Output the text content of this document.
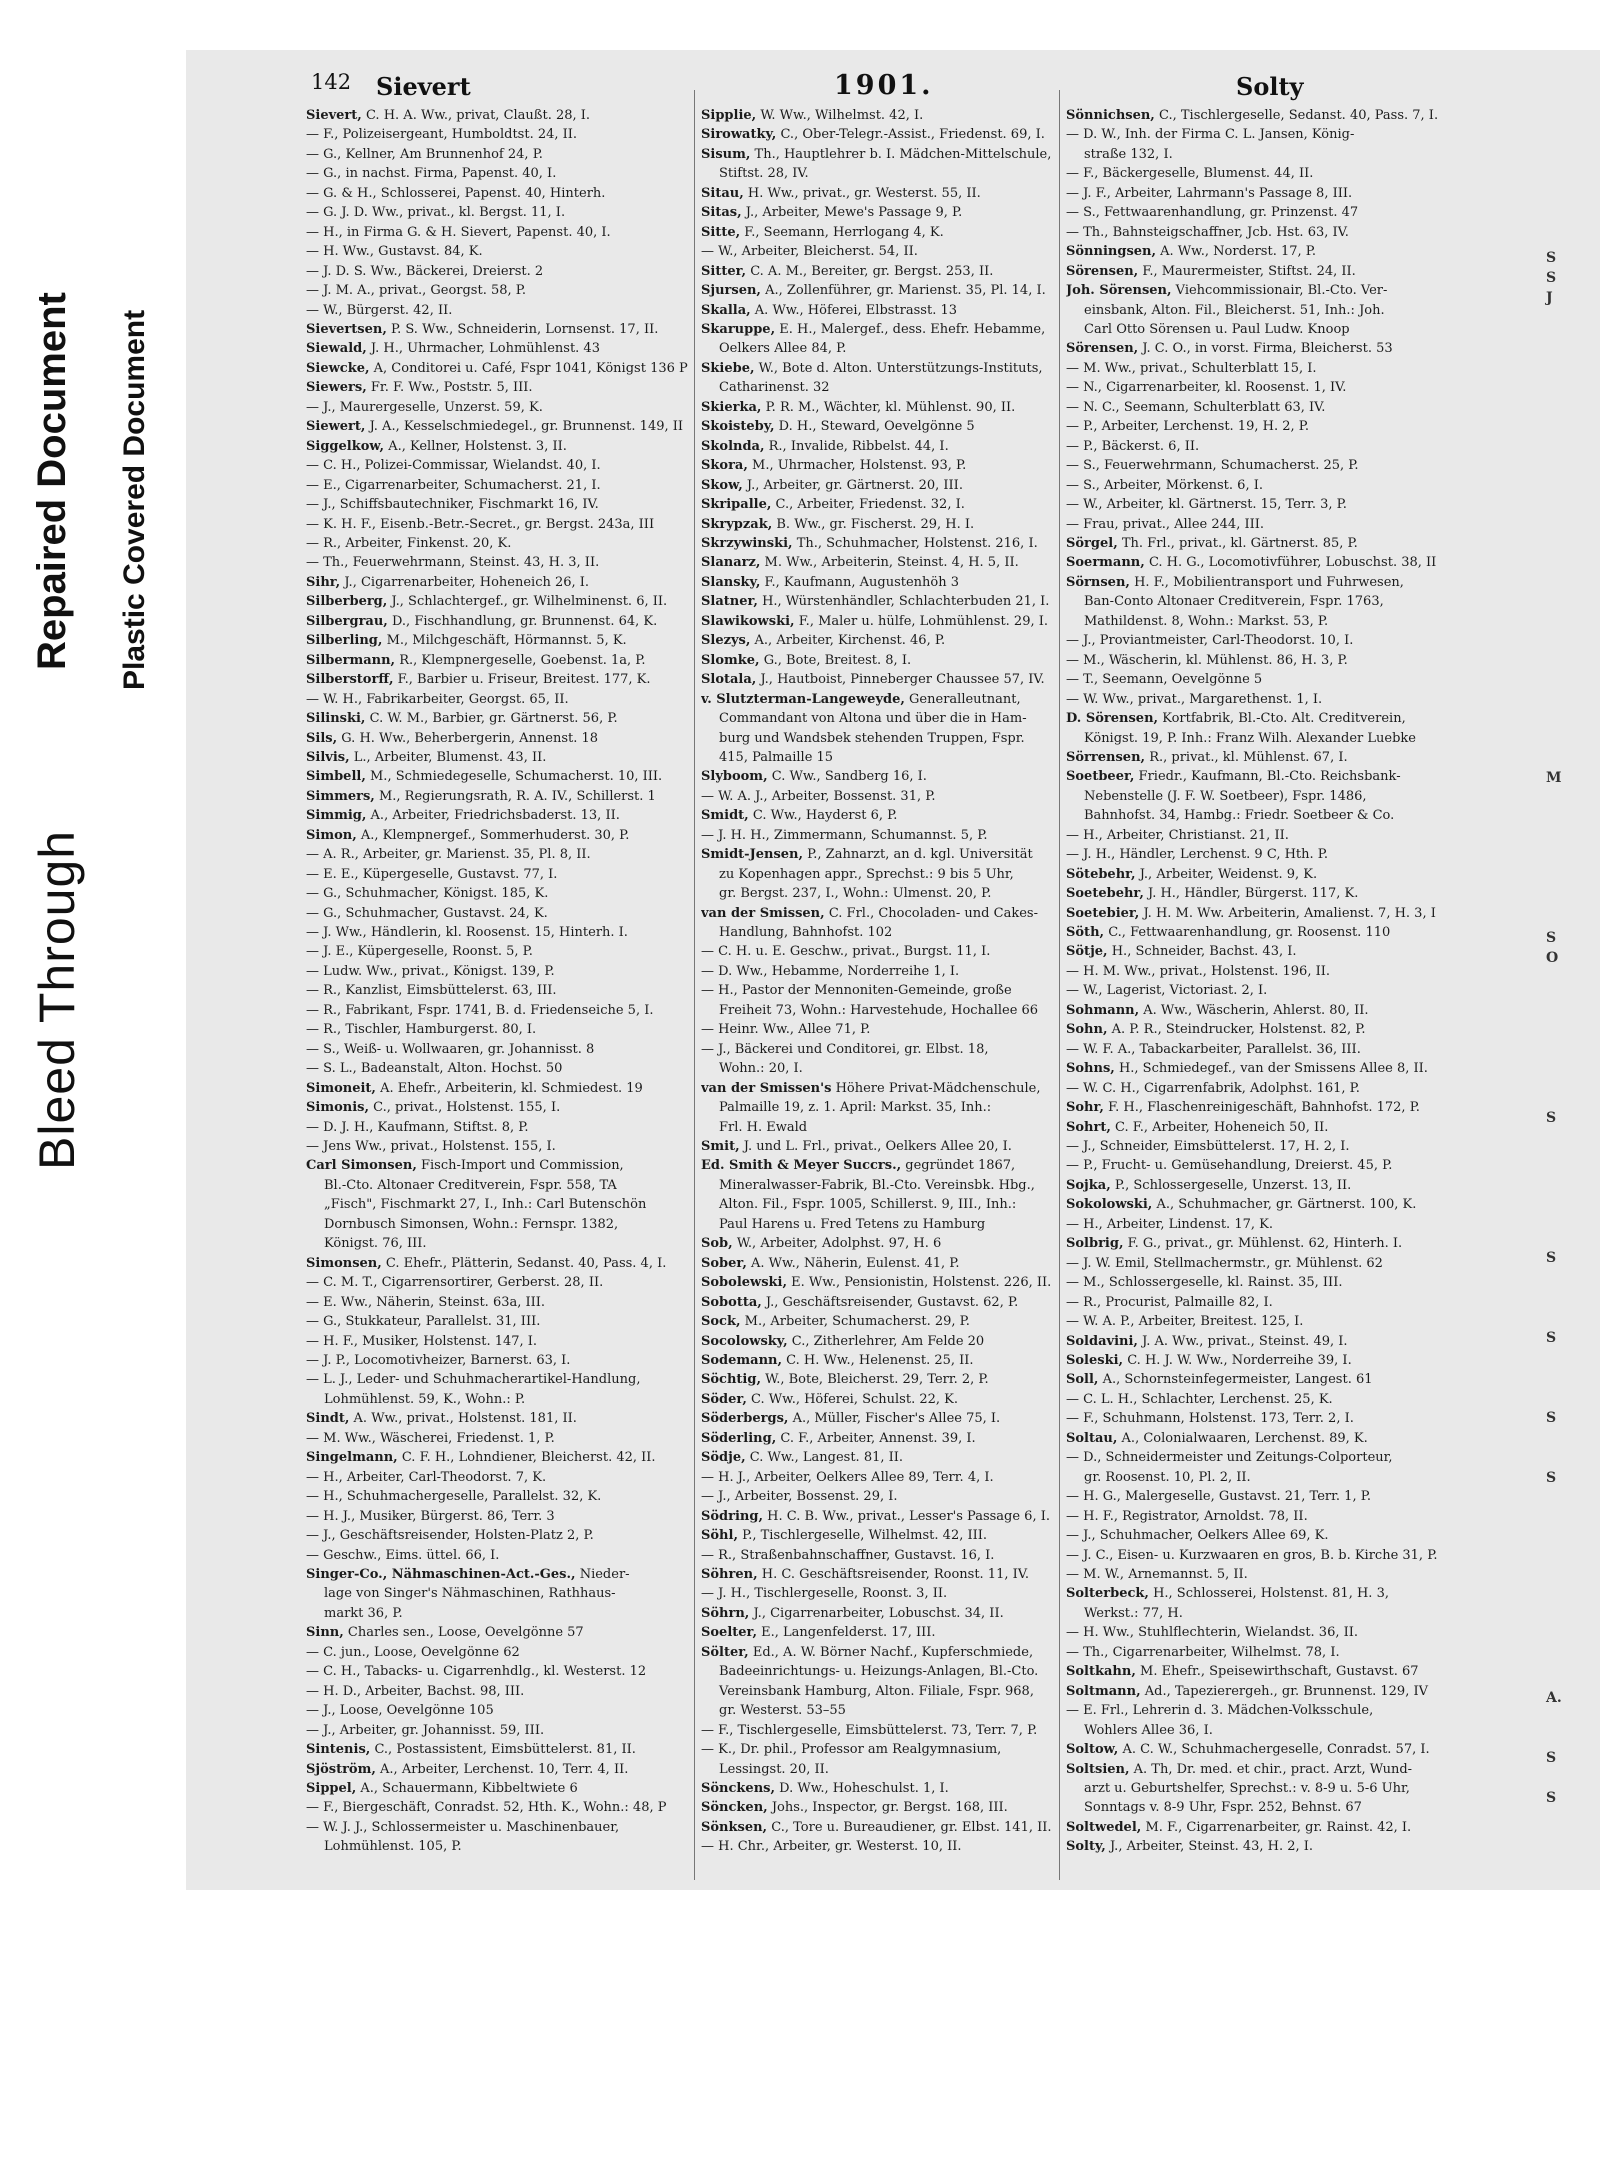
Bleed Through
Repaired Document Plastic Covered Document
142 Sievert	1901.	Solty
Sievert, C. H. A. Ww., privat, Claußt. 28, I.
— F., Polizeisergeant, Humboldtst. 24, II.
— G., Kellner, Am Brunnenhof 24, P.
— G., in nachst. Firma, Papenst. 40, I.
— G. & H., Schlosserei, Papenst. 40, Hinterh.
— G. J. D. Ww., privat., kl. Bergst. 11, I.
— H., in Firma G. & H. Sievert, Papenst. 40, I.
— H. Ww., Gustavst. 84, K.
— J. D. S. Ww., Bäckerei, Dreierst. 2
— J. M. A., privat., Georgst. 58, P.
— W., Bürgerst. 42, II.
Sievertsen, P. S. Ww., Schneiderin, Lornsenst. 17, II.
Siewald, J. H., Uhrmacher, Lohmühlenst. 43
Siewcke, A, Conditorei u. Café, Fspr 1041, Königst 136 P
Siewers, Fr. F. Ww., Poststr. 5, III.
— J., Maurergeselle, Unzerst. 59, K.
Siewert, J. A., Kesselschmiedegel., gr. Brunnenst. 149, II
Siggelkow, A., Kellner, Holstenst. 3, II.
— C. H., Polizei-Commissar, Wielandst. 40, I.
— E., Cigarrenarbeiter, Schumacherst. 21, I.
— J., Schiffsbautechniker, Fischmarkt 16, IV.
— K. H. F., Eisenb.-Betr.-Secret., gr. Bergst. 243a, III
— R., Arbeiter, Finkenst. 20, K.
— Th., Feuerwehrmann, Steinst. 43, H. 3, II.
Sihr, J., Cigarrenarbeiter, Hoheneich 26, I.
Silberberg, J., Schlachtergef., gr. Wilhelminenst. 6, II.
Silbergrau, D., Fischhandlung, gr. Brunnenst. 64, K.
Silberling, M., Milchgeschäft, Hörmannst. 5, K.
Silbermann, R., Klempnergeselle, Goebenst. 1a, P.
Silberstorff, F., Barbier u. Friseur, Breitest. 177, K.
— W. H., Fabrikarbeiter, Georgst. 65, II.
Silinski, C. W. M., Barbier, gr. Gärtnerst. 56, P.
Sils, G. H. Ww., Beherbergerin, Annenst. 18
Silvis, L., Arbeiter, Blumenst. 43, II.
Simbell, M., Schmiedegeselle, Schumacherst. 10, III.
Simmers, M., Regierungsrath, R. A. IV., Schillerst. 1
Simmig, A., Arbeiter, Friedrichsbaderst. 13, II.
Simon, A., Klempnergef., Sommerhuderst. 30, P.
— A. R., Arbeiter, gr. Marienst. 35, Pl. 8, II.
— E. E., Küpergeselle, Gustavst. 77, I.
— G., Schuhmacher, Königst. 185, K.
— G., Schuhmacher, Gustavst. 24, K.
— J. Ww., Händlerin, kl. Roosenst. 15, Hinterh. I.
— J. E., Küpergeselle, Roonst. 5, P.
— Ludw. Ww., privat., Königst. 139, P.
— R., Kanzlist, Eimsbüttelerst. 63, III.
— R., Fabrikant, Fspr. 1741, B. d. Friedenseiche 5, I.
— R., Tischler, Hamburgerst. 80, I.
— S., Weiß- u. Wollwaaren, gr. Johannisst. 8
— S. L., Badeanstalt, Alton. Hochst. 50
Simoneit, A. Ehefr., Arbeiterin, kl. Schmiedest. 19
Simonis, C., privat., Holstenst. 155, I.
— D. J. H., Kaufmann, Stiftst. 8, P.
— Jens Ww., privat., Holstenst. 155, I.
Carl Simonsen, Fisch-Import und Commission,
Bl.-Cto. Altonaer Creditverein, Fspr. 558, TA
„Fisch", Fischmarkt 27, I., Inh.: Carl Butenschön
Dornbusch Simonsen, Wohn.: Fernspr. 1382,
Königst. 76, III.
Simonsen, C. Ehefr., Plätterin, Sedanst. 40, Pass. 4, I.
— C. M. T., Cigarrensortirer, Gerberst. 28, II.
— E. Ww., Näherin, Steinst. 63a, III.
— G., Stukkateur, Parallelst. 31, III.
— H. F., Musiker, Holstenst. 147, I.
— J. P., Locomotivheizer, Barnerst. 63, I.
— L. J., Leder- und Schuhmacherartikel-Handlung,
Lohmühlenst. 59, K., Wohn.: P.
Sindt, A. Ww., privat., Holstenst. 181, II.
— M. Ww., Wäscherei, Friedenst. 1, P.
Singelmann, C. F. H., Lohndiener, Bleicherst. 42, II.
— H., Arbeiter, Carl-Theodorst. 7, K.
— H., Schuhmachergeselle, Parallelst. 32, K.
— H. J., Musiker, Bürgerst. 86, Terr. 3
— J., Geschäftsreisender, Holsten-Platz 2, P.
— Geschw., Eims. üttel. 66, I.
Singer-Co., Nähmaschinen-Act.-Ges., Nieder-
lage von Singer's Nähmaschinen, Rathhaus-
markt 36, P.
Sinn, Charles sen., Loose, Oevelgönne 57
— C. jun., Loose, Oevelgönne 62
— C. H., Tabacks- u. Cigarrenhdlg., kl. Westerst. 12
— H. D., Arbeiter, Bachst. 98, III.
— J., Loose, Oevelgönne 105
— J., Arbeiter, gr. Johannisst. 59, III.
Sintenis, C., Postassistent, Eimsbüttelerst. 81, II.
Sjöström, A., Arbeiter, Lerchenst. 10, Terr. 4, II.
Sippel, A., Schauermann, Kibbeltwiete 6
— F., Biergeschäft, Conradst. 52, Hth. K., Wohn.: 48, P
— W. J. J., Schlossermeister u. Maschinenbauer,
Lohmühlenst. 105, P.
Sipplie, W. Ww., Wilhelmst. 42, I.
Sirowatky, C., Ober-Telegr.-Assist., Friedenst. 69, I.
Sisum, Th., Hauptlehrer b. I. Mädchen-Mittelschule,
Stiftst. 28, IV.
Sitau, H. Ww., privat., gr. Westerst. 55, II.
Sitas, J., Arbeiter, Mewe's Passage 9, P.
Sitte, F., Seemann, Herrlogang 4, K.
— W., Arbeiter, Bleicherst. 54, II.
Sitter, C. A. M., Bereiter, gr. Bergst. 253, II.
Sjursen, A., Zollenführer, gr. Marienst. 35, Pl. 14, I.
Skalla, A. Ww., Höferei, Elbstrasst. 13
Skaruppe, E. H., Malergef., dess. Ehefr. Hebamme,
Oelkers Allee 84, P.
Skiebe, W., Bote d. Alton. Unterstützungs-Instituts,
Catharinenst. 32
Skierka, P. R. M., Wächter, kl. Mühlenst. 90, II.
Skoisteby, D. H., Steward, Oevelgönne 5
Skolnda, R., Invalide, Ribbelst. 44, I.
Skora, M., Uhrmacher, Holstenst. 93, P.
Skow, J., Arbeiter, gr. Gärtnerst. 20, III.
Skripalle, C., Arbeiter, Friedenst. 32, I.
Skrypzak, B. Ww., gr. Fischerst. 29, H. I.
Skrzywinski, Th., Schuhmacher, Holstenst. 216, I.
Slanarz, M. Ww., Arbeiterin, Steinst. 4, H. 5, II.
Slansky, F., Kaufmann, Augustenhöh 3
Slatner, H., Würstenhändler, Schlachterbuden 21, I.
Slawikowski, F., Maler u. hülfe, Lohmühlenst. 29, I.
Slezys, A., Arbeiter, Kirchenst. 46, P.
Slomke, G., Bote, Breitest. 8, I.
Slotala, J., Hautboist, Pinneberger Chaussee 57, IV.
v. Slutzterman-Langeweyde, Generalleutnant,
Commandant von Altona und über die in Ham-
burg und Wandsbek stehenden Truppen, Fspr.
415, Palmaille 15
Slyboom, C. Ww., Sandberg 16, I.
— W. A. J., Arbeiter, Bossenst. 31, P.
Smidt, C. Ww., Hayderst 6, P.
— J. H. H., Zimmermann, Schumannst. 5, P.
Smidt-Jensen, P., Zahnarzt, an d. kgl. Universität
zu Kopenhagen appr., Sprechst.: 9 bis 5 Uhr,
gr. Bergst. 237, I., Wohn.: Ulmenst. 20, P.
van der Smissen, C. Frl., Chocoladen- und Cakes-
Handlung, Bahnhofst. 102
— C. H. u. E. Geschw., privat., Burgst. 11, I.
— D. Ww., Hebamme, Norderreihe 1, I.
— H., Pastor der Mennoniten-Gemeinde, große
Freiheit 73, Wohn.: Harvestehude, Hochallee 66
— Heinr. Ww., Allee 71, P.
— J., Bäckerei und Conditorei, gr. Elbst. 18,
Wohn.: 20, I.
van der Smissen's Höhere Privat-Mädchenschule,
Palmaille 19, z. 1. April: Markst. 35, Inh.:
Frl. H. Ewald
Smit, J. und L. Frl., privat., Oelkers Allee 20, I.
Ed. Smith & Meyer Succrs., gegründet 1867,
Mineralwasser-Fabrik, Bl.-Cto. Vereinsbk. Hbg.,
Alton. Fil., Fspr. 1005, Schillerst. 9, III., Inh.:
Paul Harens u. Fred Tetens zu Hamburg
Sob, W., Arbeiter, Adolphst. 97, H. 6
Sober, A. Ww., Näherin, Eulenst. 41, P.
Sobolewski, E. Ww., Pensionistin, Holstenst. 226, II.
Sobotta, J., Geschäftsreisender, Gustavst. 62, P.
Sock, M., Arbeiter, Schumacherst. 29, P.
Socolowsky, C., Zitherlehrer, Am Felde 20
Sodemann, C. H. Ww., Helenenst. 25, II.
Söchtig, W., Bote, Bleicherst. 29, Terr. 2, P.
Söder, C. Ww., Höferei, Schulst. 22, K.
Söderbergs, A., Müller, Fischer's Allee 75, I.
Söderling, C. F., Arbeiter, Annenst. 39, I.
Södje, C. Ww., Langest. 81, II.
— H. J., Arbeiter, Oelkers Allee 89, Terr. 4, I.
— J., Arbeiter, Bossenst. 29, I.
Södring, H. C. B. Ww., privat., Lesser's Passage 6, I.
Söhl, P., Tischlergeselle, Wilhelmst. 42, III.
— R., Straßenbahnschaffner, Gustavst. 16, I.
Söhren, H. C. Geschäftsreisender, Roonst. 11, IV.
— J. H., Tischlergeselle, Roonst. 3, II.
Söhrn, J., Cigarrenarbeiter, Lobuschst. 34, II.
Soelter, E., Langenfelderst. 17, III.
Sölter, Ed., A. W. Börner Nachf., Kupferschmiede,
Badeeinrichtungs- u. Heizungs-Anlagen, Bl.-Cto.
Vereinsbank Hamburg, Alton. Filiale, Fspr. 968,
gr. Westerst. 53–55
— F., Tischlergeselle, Eimsbüttelerst. 73, Terr. 7, P.
— K., Dr. phil., Professor am Realgymnasium,
Lessingst. 20, II.
Sönckens, D. Ww., Hoheschulst. 1, I.
Söncken, Johs., Inspector, gr. Bergst. 168, III.
Sönksen, C., Tore u. Bureaudiener, gr. Elbst. 141, II.
— H. Chr., Arbeiter, gr. Westerst. 10, II.
Sönnichsen, C., Tischlergeselle, Sedanst. 40, Pass. 7, I.
— D. W., Inh. der Firma C. L. Jansen, König-
straße 132, I.
— F., Bäckergeselle, Blumenst. 44, II.
— J. F., Arbeiter, Lahrmann's Passage 8, III.
— S., Fettwaarenhandlung, gr. Prinzenst. 47
— Th., Bahnsteigschaffner, Jcb. Hst. 63, IV.
Sönningsen, A. Ww., Norderst. 17, P.
Sörensen, F., Maurermeister, Stiftst. 24, II.
Joh. Sörensen, Viehcommissionair, Bl.-Cto. Ver-
einsbank, Alton. Fil., Bleicherst. 51, Inh.: Joh.
Carl Otto Sörensen u. Paul Ludw. Knoop
Sörensen, J. C. O., in vorst. Firma, Bleicherst. 53
— M. Ww., privat., Schulterblatt 15, I.
— N., Cigarrenarbeiter, kl. Roosenst. 1, IV.
— N. C., Seemann, Schulterblatt 63, IV.
— P., Arbeiter, Lerchenst. 19, H. 2, P.
— P., Bäckerst. 6, II.
— S., Feuerwehrmann, Schumacherst. 25, P.
— S., Arbeiter, Mörkenst. 6, I.
— W., Arbeiter, kl. Gärtnerst. 15, Terr. 3, P.
— Frau, privat., Allee 244, III.
Sörgel, Th. Frl., privat., kl. Gärtnerst. 85, P.
Soermann, C. H. G., Locomotivführer, Lobuschst. 38, II
Sörnsen, H. F., Mobilientransport und Fuhrwesen,
Ban-Conto Altonaer Creditverein, Fspr. 1763,
Mathildenst. 8, Wohn.: Markst. 53, P.
— J., Proviantmeister, Carl-Theodorst. 10, I.
— M., Wäscherin, kl. Mühlenst. 86, H. 3, P.
— T., Seemann, Oevelgönne 5
— W. Ww., privat., Margarethenst. 1, I.
D. Sörensen, Kortfabrik, Bl.-Cto. Alt. Creditverein,
Königst. 19, P. Inh.: Franz Wilh. Alexander Luebke
Sörrensen, R., privat., kl. Mühlenst. 67, I.
Soetbeer, Friedr., Kaufmann, Bl.-Cto. Reichsbank-
Nebenstelle (J. F. W. Soetbeer), Fspr. 1486,
Bahnhofst. 34, Hambg.: Friedr. Soetbeer & Co.
— H., Arbeiter, Christianst. 21, II.
— J. H., Händler, Lerchenst. 9 C, Hth. P.
Sötebehr, J., Arbeiter, Weidenst. 9, K.
Soetebehr, J. H., Händler, Bürgerst. 117, K.
Soetebier, J. H. M. Ww. Arbeiterin, Amalienst. 7, H. 3, I
Söth, C., Fettwaarenhandlung, gr. Roosenst. 110
Sötje, H., Schneider, Bachst. 43, I.
— H. M. Ww., privat., Holstenst. 196, II.
— W., Lagerist, Victoriast. 2, I.
Sohmann, A. Ww., Wäscherin, Ahlerst. 80, II.
Sohn, A. P. R., Steindrucker, Holstenst. 82, P.
— W. F. A., Tabackarbeiter, Parallelst. 36, III.
Sohns, H., Schmiedegef., van der Smissens Allee 8, II.
— W. C. H., Cigarrenfabrik, Adolphst. 161, P.
Sohr, F. H., Flaschenreinigeschäft, Bahnhofst. 172, P.
Sohrt, C. F., Arbeiter, Hoheneich 50, II.
— J., Schneider, Eimsbüttelerst. 17, H. 2, I.
— P., Frucht- u. Gemüsehandlung, Dreierst. 45, P.
Sojka, P., Schlossergeselle, Unzerst. 13, II.
Sokolowski, A., Schuhmacher, gr. Gärtnerst. 100, K.
— H., Arbeiter, Lindenst. 17, K.
Solbrig, F. G., privat., gr. Mühlenst. 62, Hinterh. I.
— J. W. Emil, Stellmachermstr., gr. Mühlenst. 62
— M., Schlossergeselle, kl. Rainst. 35, III.
— R., Procurist, Palmaille 82, I.
— W. A. P., Arbeiter, Breitest. 125, I.
Soldavini, J. A. Ww., privat., Steinst. 49, I.
Soleski, C. H. J. W. Ww., Norderreihe 39, I.
Soll, A., Schornsteinfegermeister, Langest. 61
— C. L. H., Schlachter, Lerchenst. 25, K.
— F., Schuhmann, Holstenst. 173, Terr. 2, I.
Soltau, A., Colonialwaaren, Lerchenst. 89, K.
— D., Schneidermeister und Zeitungs-Colporteur,
gr. Roosenst. 10, Pl. 2, II.
— H. G., Malergeselle, Gustavst. 21, Terr. 1, P.
— H. F., Registrator, Arnoldst. 78, II.
— J., Schuhmacher, Oelkers Allee 69, K.
— J. C., Eisen- u. Kurzwaaren en gros, B. b. Kirche 31, P.
— M. W., Arnemannst. 5, II.
Solterbeck, H., Schlosserei, Holstenst. 81, H. 3,
Werkst.: 77, H.
— H. Ww., Stuhlflechterin, Wielandst. 36, II.
— Th., Cigarrenarbeiter, Wilhelmst. 78, I.
Soltkahn, M. Ehefr., Speisewirthschaft, Gustavst. 67
Soltmann, Ad., Tapezierergeh., gr. Brunnenst. 129, IV
— E. Frl., Lehrerin d. 3. Mädchen-Volksschule,
Wohlers Allee 36, I.
Soltow, A. C. W., Schuhmachergeselle, Conradst. 57, I.
Soltsien, A. Th, Dr. med. et chir., pract. Arzt, Wund-
arzt u. Geburtshelfer, Sprechst.: v. 8-9 u. 5-6 Uhr,
Sonntags v. 8-9 Uhr, Fspr. 252, Behnst. 67
Soltwedel, M. F., Cigarrenarbeiter, gr. Rainst. 42, I.
Solty, J., Arbeiter, Steinst. 43, H. 2, I.
S
S
J
M
S
O
S
S
S
S
S
A.
S
S
